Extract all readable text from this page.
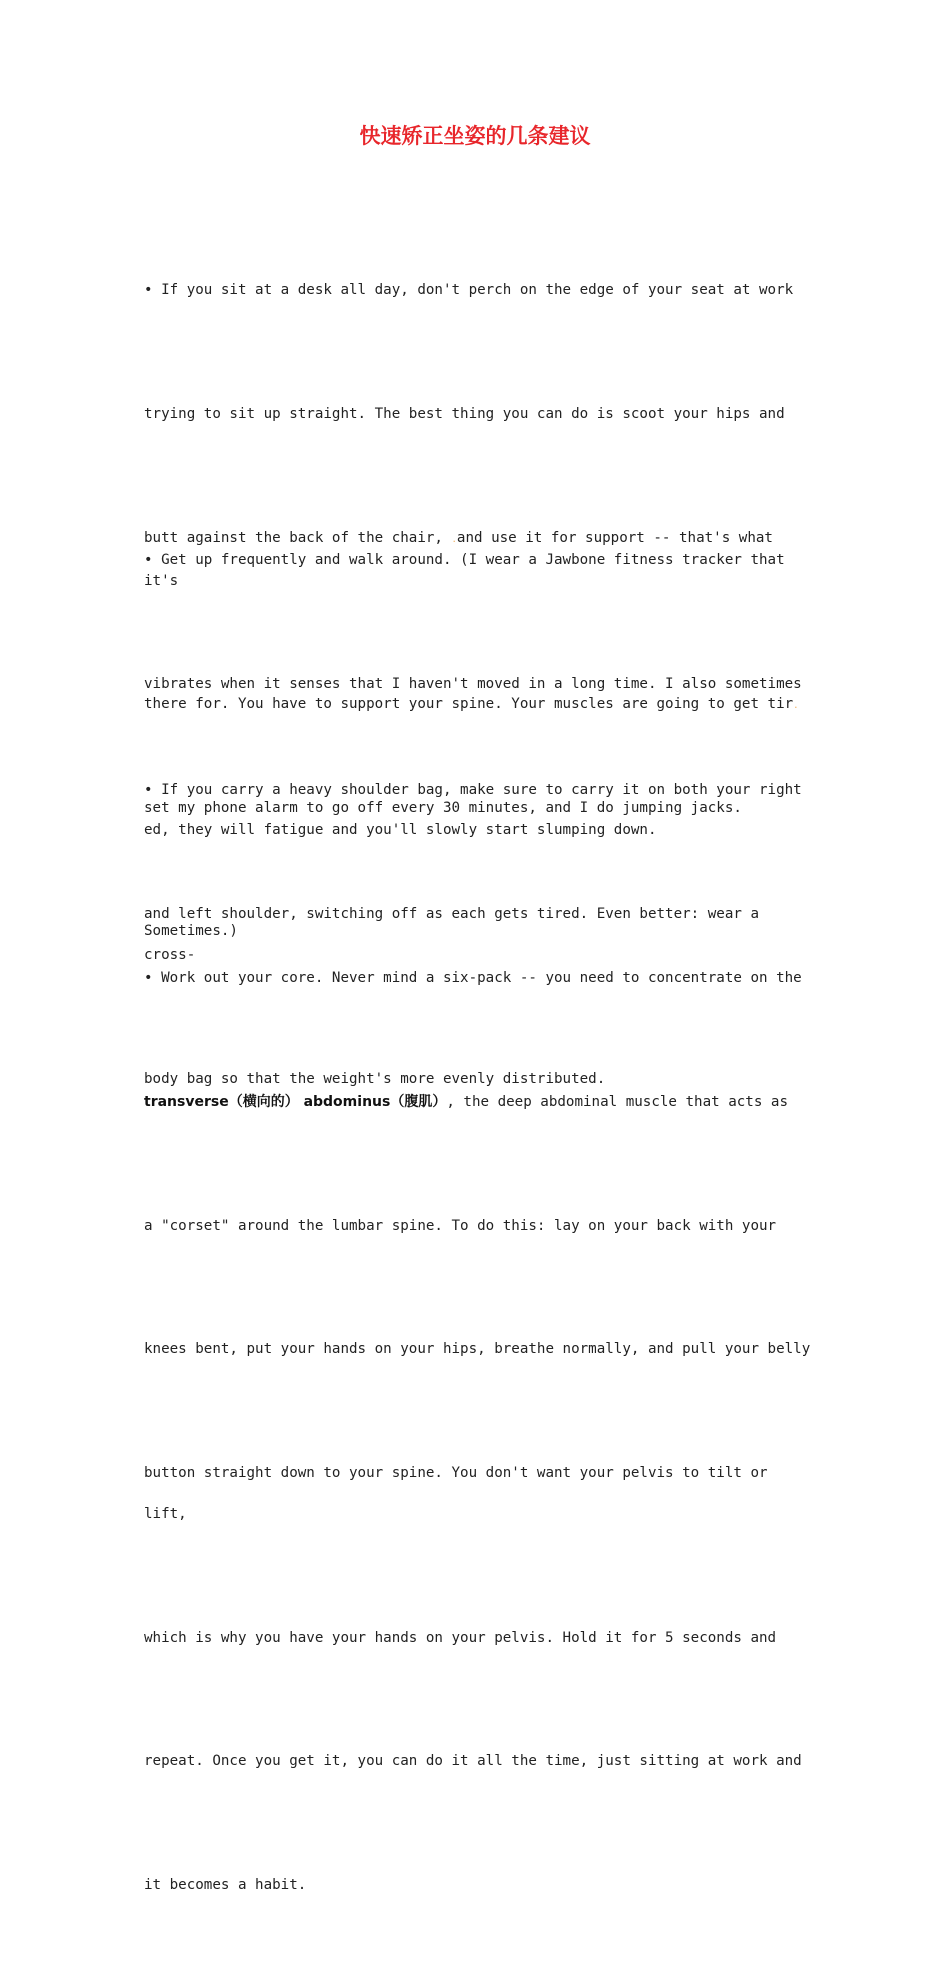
快速矫正坐姿的几条建议

• If you sit at a desk all day, don't perch on the edge of your seat at work

trying to sit up straight. The best thing you can do is scoot your hips and

butt against the back of the chair, .and use it for support -- that's what it's

there for. You have to support your spine. Your muscles are going to get tir.

ed, they will fatigue and you'll slowly start slumping down.

• Get up frequently and walk around. (I wear a Jawbone fitness tracker that

vibrates when it senses that I haven't moved in a long time. I also sometimes

set my phone alarm to go off every 30 minutes, and I do jumping jacks.

Sometimes.)

• If you carry a heavy shoulder bag, make sure to carry it on both your right

and left shoulder, switching off as each gets tired. Even better: wear a cross-

body bag so that the weight's more evenly distributed.

• Work out your core. Never mind a six-pack -- you need to concentrate on the

transverse（横向的） abdominus（腹肌）, the deep abdominal muscle that acts as

a "corset" around the lumbar spine. To do this: lay on your back with your

knees bent, put your hands on your hips, breathe normally, and pull your belly

button straight down to your spine. You don't want your pelvis to tilt or lift,

which is why you have your hands on your pelvis. Hold it for 5 seconds and

repeat. Once you get it, you can do it all the time, just sitting at work and

it becomes a habit.
